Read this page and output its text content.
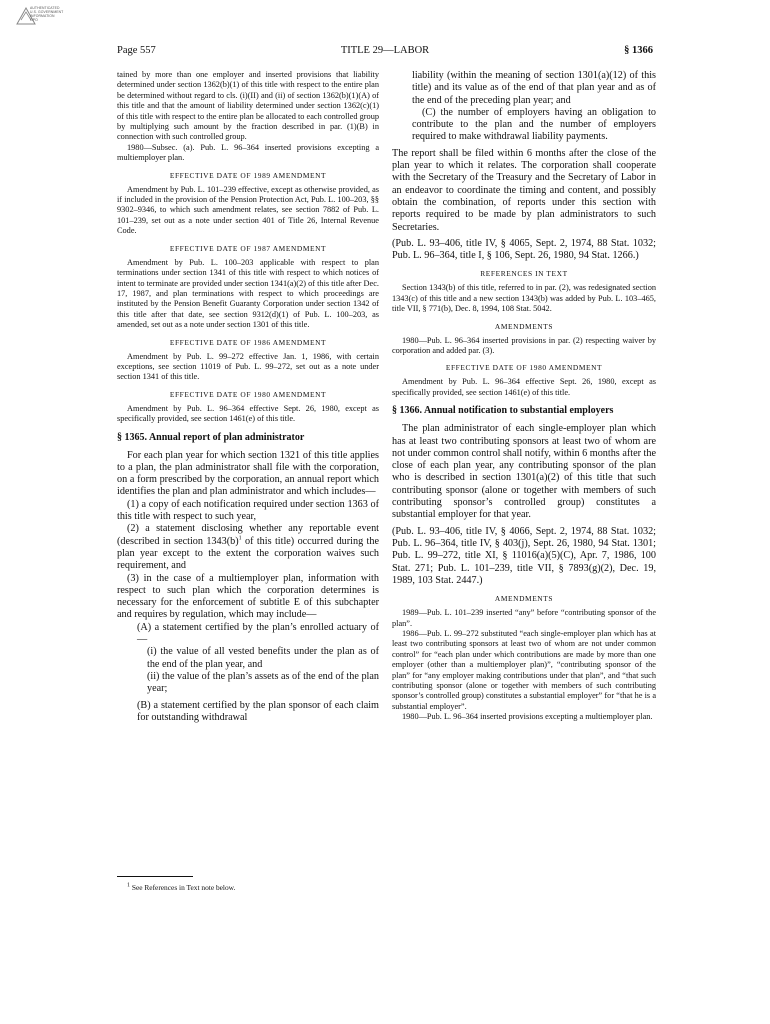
AUTHENTICATED
U.S. GOVERNMENT
INFORMATION
GPO
Page 557	TITLE 29—LABOR	§ 1366

tained by more than one employer and inserted provisions that liability determined under section 1362(b)(1) of this title with respect to the entire plan be determined without regard to cls. (i)(II) and (ii) of section 1362(b)(1)(A) of this title and that the amount of liability determined under section 1362(c)(1) of this title with respect to the entire plan be allocated to each controlled group by multiplying such amount by the fraction described in par. (1)(B) in connection with such controlled group.

1980—Subsec. (a). Pub. L. 96–364 inserted provisions excepting a multiemployer plan.

EFFECTIVE DATE OF 1989 AMENDMENT

Amendment by Pub. L. 101–239 effective, except as otherwise provided, as if included in the provision of the Pension Protection Act, Pub. L. 100–203, §§ 9302–9346, to which such amendment relates, see section 7882 of Pub. L. 101–239, set out as a note under section 401 of Title 26, Internal Revenue Code.

EFFECTIVE DATE OF 1987 AMENDMENT

Amendment by Pub. L. 100–203 applicable with respect to plan terminations under section 1341 of this title with respect to which notices of intent to terminate are provided under section 1341(a)(2) of this title after Dec. 17, 1987, and plan terminations with respect to which proceedings are instituted by the Pension Benefit Guaranty Corporation under section 1342 of this title after that date, see section 9312(d)(1) of Pub. L. 100–203, as amended, set out as a note under section 1301 of this title.

EFFECTIVE DATE OF 1986 AMENDMENT

Amendment by Pub. L. 99–272 effective Jan. 1, 1986, with certain exceptions, see section 11019 of Pub. L. 99–272, set out as a note under section 1341 of this title.

EFFECTIVE DATE OF 1980 AMENDMENT

Amendment by Pub. L. 96–364 effective Sept. 26, 1980, except as specifically provided, see section 1461(e) of this title.

§ 1365. Annual report of plan administrator

For each plan year for which section 1321 of this title applies to a plan, the plan administrator shall file with the corporation, on a form prescribed by the corporation, an annual report which identifies the plan and plan administrator and which includes—

(1) a copy of each notification required under section 1363 of this title with respect to such year,

(2) a statement disclosing whether any reportable event (described in section $1343(b)^1$ of this title) occurred during the plan year except to the extent the corporation waives such requirement, and

(3) in the case of a multiemployer plan, information with respect to such plan which the corporation determines is necessary for the enforcement of subtitle E of this subchapter and requires by regulation, which may include—

(A) a statement certified by the plan’s enrolled actuary of—

(i) the value of all vested benefits under the plan as of the end of the plan year, and

(ii) the value of the plan’s assets as of the end of the plan year;

(B) a statement certified by the plan sponsor of each claim for outstanding withdrawal

$^1$ See References in Text note below.

liability (within the meaning of section 1301(a)(12) of this title) and its value as of the end of that plan year and as of the end of the preceding plan year; and

(C) the number of employers having an obligation to contribute to the plan and the number of employers required to make withdrawal liability payments.

The report shall be filed within 6 months after the close of the plan year to which it relates. The corporation shall cooperate with the Secretary of the Treasury and the Secretary of Labor in an endeavor to coordinate the timing and content, and possibly obtain the combination, of reports under this section with reports required to be made by plan administrators to such Secretaries.

(Pub. L. 93–406, title IV, § 4065, Sept. 2, 1974, 88 Stat. 1032; Pub. L. 96–364, title I, § 106, Sept. 26, 1980, 94 Stat. 1266.)

REFERENCES IN TEXT

Section 1343(b) of this title, referred to in par. (2), was redesignated section 1343(c) of this title and a new section 1343(b) was added by Pub. L. 103–465, title VII, § 771(b), Dec. 8, 1994, 108 Stat. 5042.

AMENDMENTS

1980—Pub. L. 96–364 inserted provisions in par. (2) respecting waiver by corporation and added par. (3).

EFFECTIVE DATE OF 1980 AMENDMENT

Amendment by Pub. L. 96–364 effective Sept. 26, 1980, except as specifically provided, see section 1461(e) of this title.

§ 1366. Annual notification to substantial employers

The plan administrator of each single-employer plan which has at least two contributing sponsors at least two of whom are not under common control shall notify, within 6 months after the close of each plan year, any contributing sponsor of the plan who is described in section 1301(a)(2) of this title that such contributing sponsor (alone or together with members of such contributing sponsor’s controlled group) constitutes a substantial employer for that year.

(Pub. L. 93–406, title IV, § 4066, Sept. 2, 1974, 88 Stat. 1032; Pub. L. 96–364, title IV, § 403(j), Sept. 26, 1980, 94 Stat. 1301; Pub. L. 99–272, title XI, § 11016(a)(5)(C), Apr. 7, 1986, 100 Stat. 271; Pub. L. 101–239, title VII, § 7893(g)(2), Dec. 19, 1989, 103 Stat. 2447.)

AMENDMENTS

1989—Pub. L. 101–239 inserted “any” before “contributing sponsor of the plan”.

1986—Pub. L. 99–272 substituted “each single-employer plan which has at least two contributing sponsors at least two of whom are not under common control” for “each plan under which contributions are made by more than one employer (other than a multiemployer plan)”, “contributing sponsor of the plan” for “any employer making contributions under that plan”, and “that such contributing sponsor (alone or together with members of such contributing sponsor’s controlled group) constitutes a substantial employer” for “that he is a substantial employer”.

1980—Pub. L. 96–364 inserted provisions excepting a multiemployer plan.
